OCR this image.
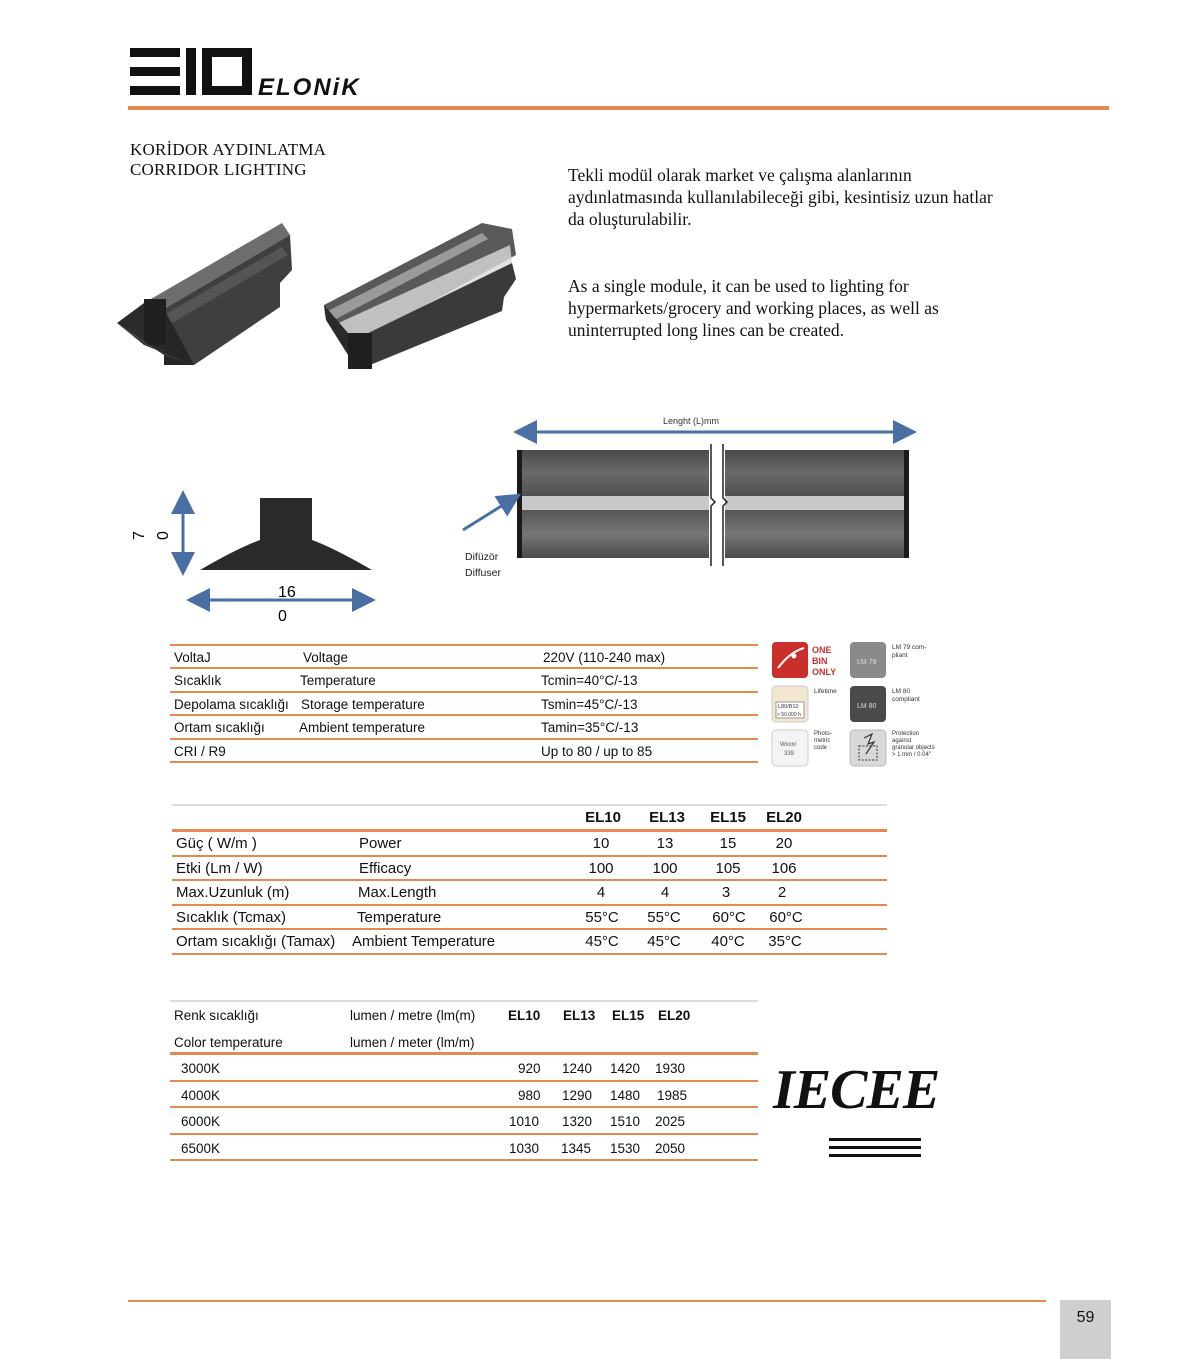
ELONiK
KORİDOR AYDINLATMA
CORRIDOR LIGHTING	Tekli modül olarak market ve çalışma alanlarının aydınlatmasında kullanılabileceği gibi, kesintisiz uzun hatlar da oluşturulabilir.
As a single module, it can be used to lighting for hypermarkets/grocery and working places, as well as uninterrupted long lines can be created.
7 0
16
0
Lenght (L)mm
Difüzör
Diffuser
VoltaJ	Voltage	220V (110-240 max)
Sıcaklık	Temperature	Tcmin=40°C/-13
Depolama sıcaklığı Storage temperature	Tsmin=45°C/-13
Ortam sıcaklığı	Ambient temperature	Tamin=35°C/-13
CRI / R9	Up to 80 / up to 85
ONE
BIN
ONLY
LM 79
LM 79 com-
pliant
L80/B10
> 50.000 h
Lifetime
LM 80
LM 80
compliant
Wxxx/
339
Photo-
metric
code
Protection
against
granular objects
> 1 mm / 0.04"
EL10	EL13	EL15	EL20
Güç ( W/m )	Power	10	13	15	20
Etki (Lm / W)	Efficacy	100	100	105	106
Max.Uzunluk (m)	Max.Length	4	4	3	2
Sıcaklık (Tcmax)	Temperature	55°C	55°C	60°C	60°C
Ortam sıcaklığı (Tamax) Ambient Temperature	45°C	45°C	40°C	35°C
Renk sıcaklığı	lumen / metre (lm(m) EL10 EL13 EL15 EL20
Color temperature	lumen / meter (lm/m)
3000K	920 1240 1420 1930
4000K	980 1290 1480 1985
6000K	1010 1320 1510 2025
6500K	1030 1345 1530 2050
IECEE
59
